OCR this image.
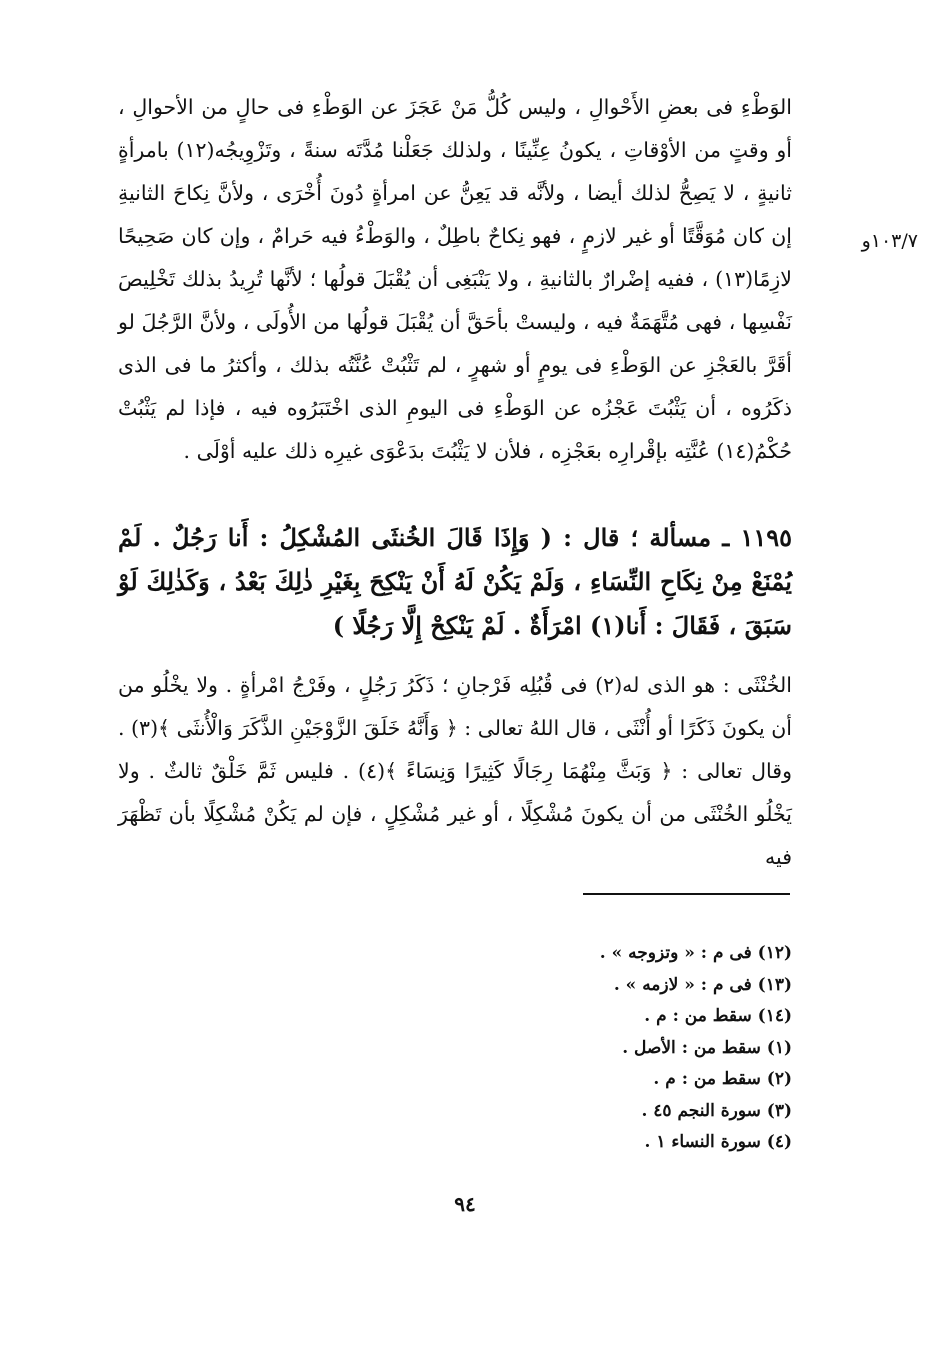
١٠٣/٧و
الوَطْءِ فى بعضِ الأَحْوالِ ، وليس كُلُّ مَنْ عَجَزَ عن الوَطْءِ فى حالٍ من الأحوالِ ، أو وقتٍ من الأوْقاتِ ، يكونُ عِنِّينًا ، ولذلك جَعَلْنا مُدَّتَه سنةً ، وتَزْوِيجُه(١٢) بامرأةٍ ثانيةٍ ، لا يَصِحُّ لذلك أيضا ، ولأنَّه قد يَعِنُّ عن امرأةٍ دُونَ أُخْرَى ، ولأنَّ نِكاحَ الثانيةِ إن كان مُوَقَّتًا أو غير لازمٍ ، فهو نِكاحٌ باطِلٌ ، والوَطْءُ فيه حَرامٌ ، وإن كان صَحِيحًا لازِمًا(١٣) ، ففيه إضْرارٌ بالثانيةِ ، ولا يَنْبَغِى أن يُقْبَلَ قولُها ؛ لأنَّها تُرِيدُ بذلك تَخْلِيصَ نَفْسِها ، فهى مُتَّهَمَةٌ فيه ، وليستْ بأحَقَّ أن يُقْبَلَ قولُها من الأُولَى ، ولأنَّ الرَّجُلَ لو أقَرَّ بالعَجْزِ عن الوَطْءِ فى يومٍ أو شهرٍ ، لم تَثْبُتْ عُنَّتُه بذلك ، وأكثرُ ما فى الذى ذكَرُوه ، أن يَثْبُتَ عَجْزُه عن الوَطْءِ فى اليومِ الذى اخْتَبَرُوه فيه ، فإذا لم يَثْبُتْ حُكْمُ(١٤) عُنَّتِه بإقْرارِه بعَجْزِه ، فلأن لا يَثْبُتَ بدَعْوَى غيرِه ذلك عليه أوْلَى .
١١٩٥ ـ مسألة ؛ قال : ( وَإِذَا قَالَ الخُنثَى المُشْكِلُ : أَنا رَجُلٌ . لَمْ يُمْنَعْ مِنْ نِكَاحِ النِّسَاءِ ، وَلَمْ يَكُنْ لَهُ أَنْ يَنْكِحَ بِغَيْرِ ذٰلِكَ بَعْدُ ، وَكَذٰلِكَ لَوْ سَبَقَ ، فَقَالَ : أَنا(١) امْرَأَةٌ . لَمْ يَنْكِحْ إِلَّا رَجُلًا )
الخُنْثَى : هو الذى له(٢) فى قُبُلِه فَرْجانِ ؛ ذَكَرُ رَجُلٍ ، وفَرْجُ امْرأةٍ . ولا يخْلُو من أن يكونَ ذَكَرًا أو أُنْثَى ، قال اللهُ تعالى : ﴿ وَأَنَّهُ خَلَقَ الزَّوْجَيْنِ الذَّكَرَ وَالْأُنثَى ﴾(٣) . وقال تعالى : ﴿ وَبَثَّ مِنْهُمَا رِجَالًا كَثِيرًا وَنِسَاءً ﴾(٤) . فليس ثَمَّ خَلْقٌ ثالثٌ . ولا يَخْلُو الخُنْثَى من أن يكونَ مُشْكِلًا ، أو غير مُشْكِلٍ ، فإن لم يَكُنْ مُشْكِلًا بأن تَظْهَرَ فيه
(١٢) فى م : « وتزوجه » .
(١٣) فى م : « لازمه » .
(١٤) سقط من : م .
(١) سقط من : الأصل .
(٢) سقط من : م .
(٣) سورة النجم ٤٥ .
(٤) سورة النساء ١ .
٩٤
